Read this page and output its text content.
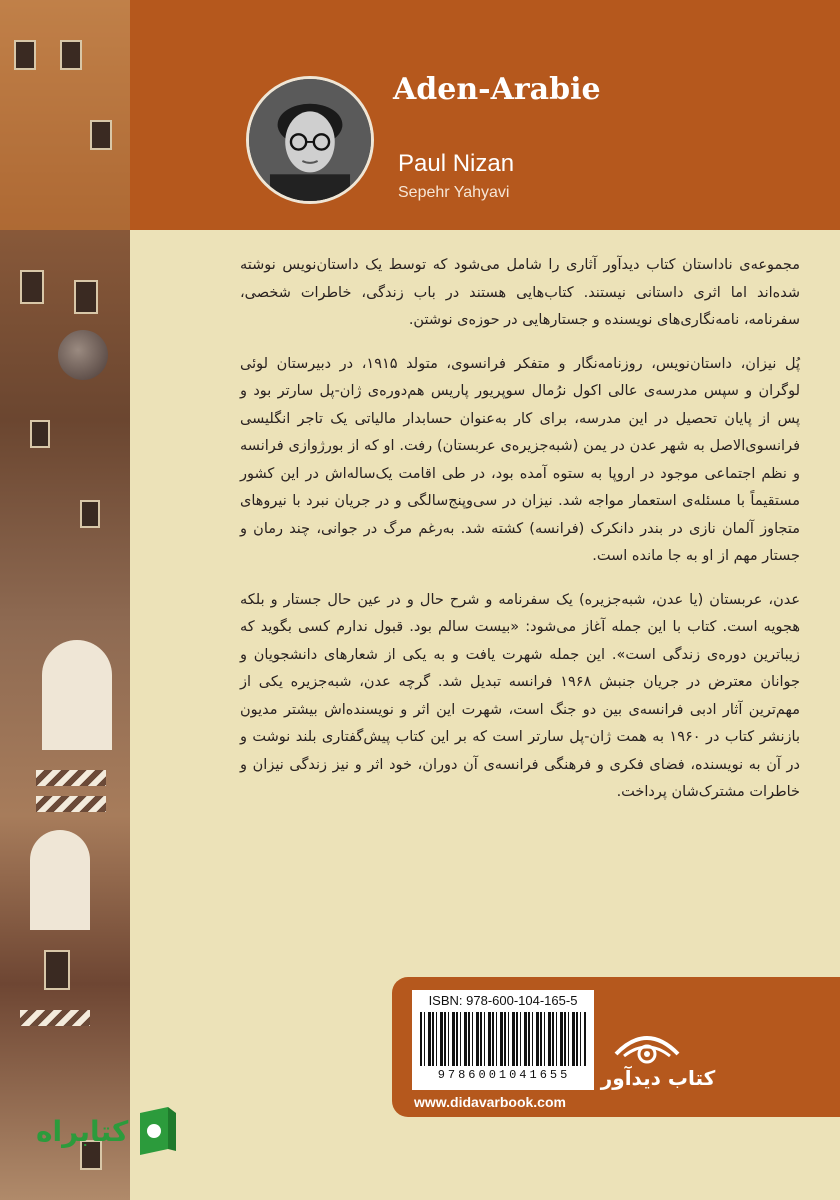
Aden-Arabie
Paul Nizan
Sepehr Yahyavi

مجموعه‌ی ناداستان کتاب دیدآور آثاری را شامل می‌شود که توسط یک داستان‌نویس نوشته شده‌اند اما اثری داستانی نیستند. کتاب‌هایی هستند در باب زندگی، خاطرات شخصی، سفرنامه، نامه‌نگاری‌های نویسنده و جستارهایی در حوزه‌ی نوشتن.

پُل نیزان، داستان‌نویس، روزنامه‌نگار و متفکر فرانسوی، متولد ۱۹۱۵، در دبیرستان لوئی لوگران و سپس مدرسه‌ی عالی اکول نرُمال سوپریور پاریس هم‌دوره‌ی ژان-پل سارتر بود و پس از پایان تحصیل در این مدرسه، برای کار به‌عنوان حسابدار مالیاتی یک تاجر انگلیسی فرانسوی‌الاصل به شهر عدن در یمن (شبه‌جزیره‌ی عربستان) رفت. او که از بورژوازی فرانسه و نظم اجتماعی موجود در اروپا به ستوه آمده بود، در طی اقامت یک‌ساله‌اش در این کشور مستقیماً با مسئله‌ی استعمار مواجه شد. نیزان در سی‌وپنج‌سالگی و در جریان نبرد با نیروهای متجاوز آلمان نازی در بندر دانکرک (فرانسه) کشته شد. به‌رغم مرگ در جوانی، چند رمان و جستار مهم از او به جا مانده است.

عدن، عربستان (یا عدن، شبه‌جزیره) یک سفرنامه و شرح حال و در عین حال جستار و بلکه هجویه است. کتاب با این جمله آغاز می‌شود: «بیست سالم بود. قبول ندارم کسی بگوید که زیباترین دوره‌ی زندگی است». این جمله شهرت یافت و به یکی از شعارهای دانشجویان و جوانان معترض در جریان جنبش ۱۹۶۸ فرانسه تبدیل شد. گرچه عدن، شبه‌جزیره یکی از مهم‌ترین آثار ادبی فرانسه‌ی بین دو جنگ است، شهرت این اثر و نویسنده‌اش بیشتر مدیون بازنشر کتاب در ۱۹۶۰ به همت ژان-پل سارتر است که بر این کتاب پیش‌گفتاری بلند نوشت و در آن به نویسنده، فضای فکری و فرهنگی فرانسه‌ی آن دوران، خود اثر و نیز زندگی نیزان و خاطرات مشترک‌شان پرداخت.

ISBN: 978-600-104-165-5
9786001041655
www.didavarbook.com
کتاب دیدآور
کتابراه
